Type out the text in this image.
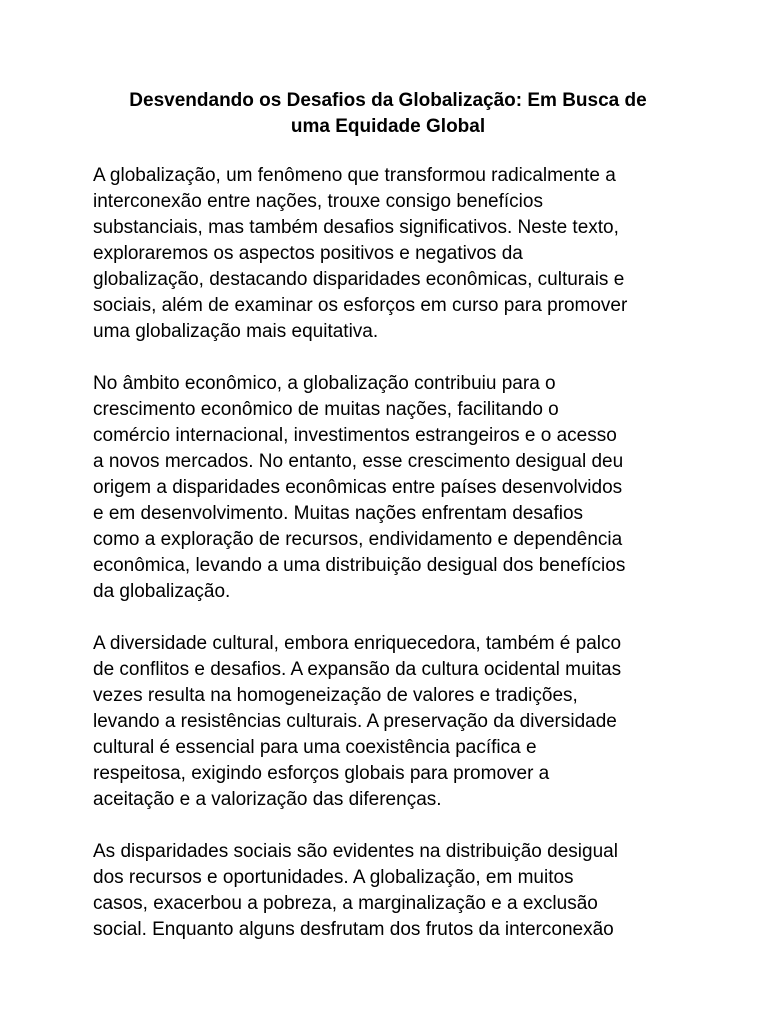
Desvendando os Desafios da Globalização: Em Busca de
uma Equidade Global

A globalização, um fenômeno que transformou radicalmente a
interconexão entre nações, trouxe consigo benefícios
substanciais, mas também desafios significativos. Neste texto,
exploraremos os aspectos positivos e negativos da
globalização, destacando disparidades econômicas, culturais e
sociais, além de examinar os esforços em curso para promover
uma globalização mais equitativa.

No âmbito econômico, a globalização contribuiu para o
crescimento econômico de muitas nações, facilitando o
comércio internacional, investimentos estrangeiros e o acesso
a novos mercados. No entanto, esse crescimento desigual deu
origem a disparidades econômicas entre países desenvolvidos
e em desenvolvimento. Muitas nações enfrentam desafios
como a exploração de recursos, endividamento e dependência
econômica, levando a uma distribuição desigual dos benefícios
da globalização.

A diversidade cultural, embora enriquecedora, também é palco
de conflitos e desafios. A expansão da cultura ocidental muitas
vezes resulta na homogeneização de valores e tradições,
levando a resistências culturais. A preservação da diversidade
cultural é essencial para uma coexistência pacífica e
respeitosa, exigindo esforços globais para promover a
aceitação e a valorização das diferenças.

As disparidades sociais são evidentes na distribuição desigual
dos recursos e oportunidades. A globalização, em muitos
casos, exacerbou a pobreza, a marginalização e a exclusão
social. Enquanto alguns desfrutam dos frutos da interconexão
